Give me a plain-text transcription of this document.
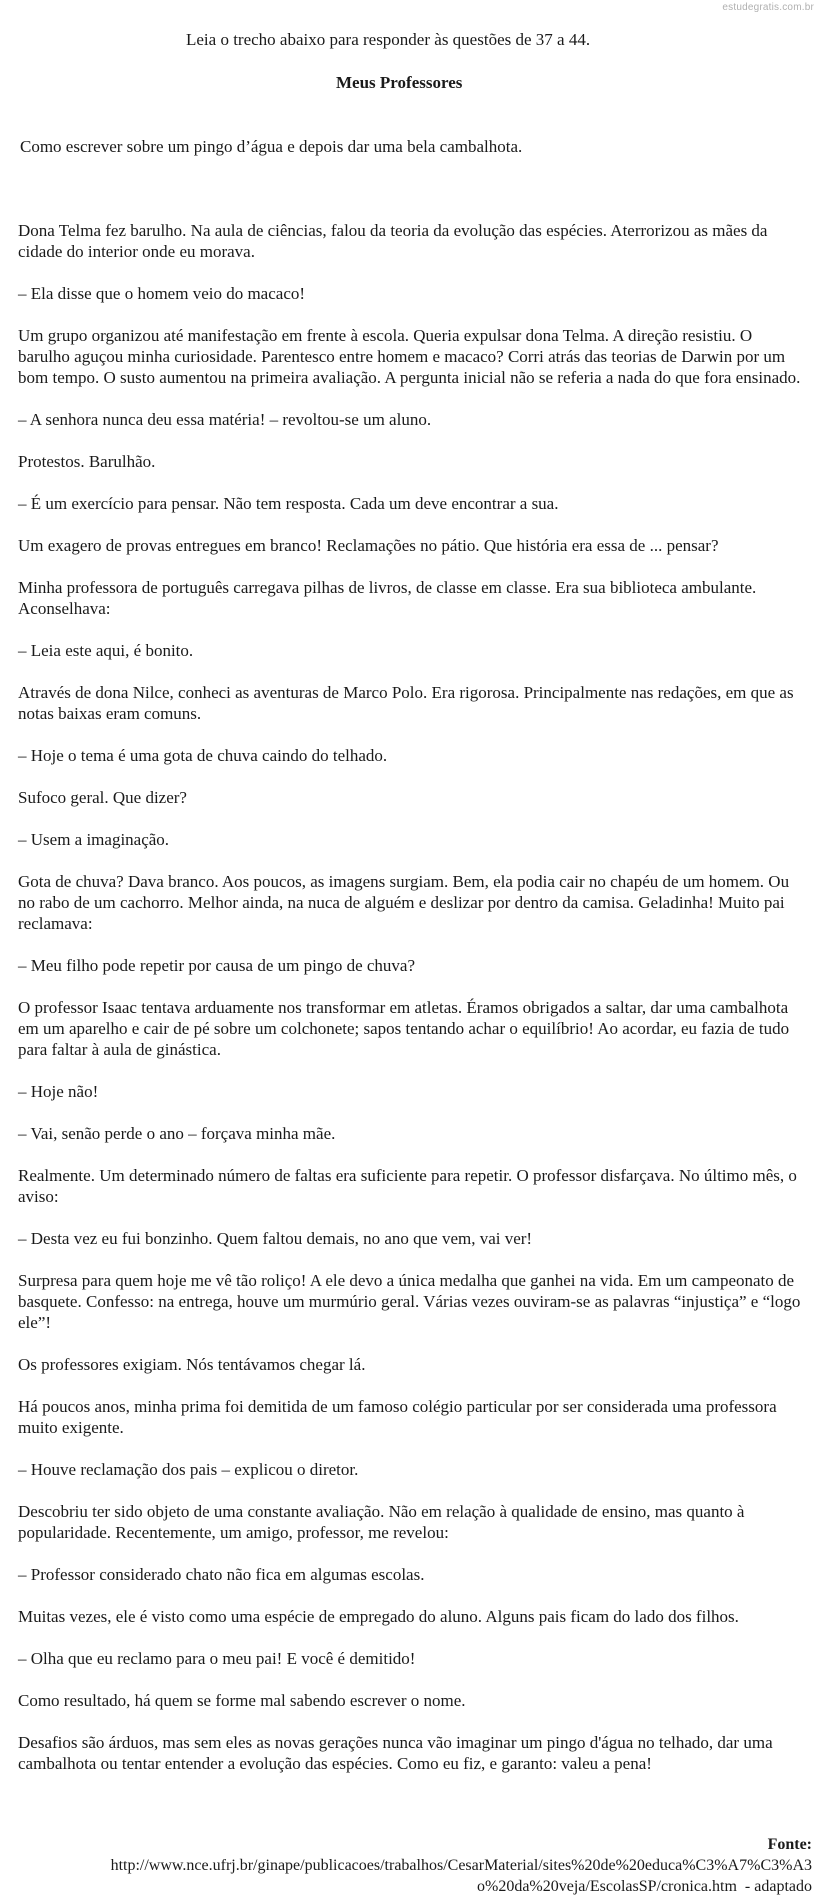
estudegratis.com.br
Leia o trecho abaixo para responder às questões de 37 a 44.
Meus Professores
Como escrever sobre um pingo d’água e depois dar uma bela cambalhota.

Dona Telma fez barulho. Na aula de ciências, falou da teoria da evolução das espécies. Aterrorizou as mães da cidade do interior onde eu morava.

– Ela disse que o homem veio do macaco!

Um grupo organizou até manifestação em frente à escola. Queria expulsar dona Telma. A direção resistiu. O barulho aguçou minha curiosidade. Parentesco entre homem e macaco? Corri atrás das teorias de Darwin por um bom tempo. O susto aumentou na primeira avaliação. A pergunta inicial não se referia a nada do que fora ensinado.

– A senhora nunca deu essa matéria! – revoltou-se um aluno.

Protestos. Barulhão.

– É um exercício para pensar. Não tem resposta. Cada um deve encontrar a sua.

Um exagero de provas entregues em branco! Reclamações no pátio. Que história era essa de ... pensar?

Minha professora de português carregava pilhas de livros, de classe em classe. Era sua biblioteca ambulante. Aconselhava:

– Leia este aqui, é bonito.

Através de dona Nilce, conheci as aventuras de Marco Polo. Era rigorosa. Principalmente nas redações, em que as notas baixas eram comuns.

– Hoje o tema é uma gota de chuva caindo do telhado.

Sufoco geral. Que dizer?

– Usem a imaginação.

Gota de chuva? Dava branco. Aos poucos, as imagens surgiam. Bem, ela podia cair no chapéu de um homem. Ou no rabo de um cachorro. Melhor ainda, na nuca de alguém e deslizar por dentro da camisa. Geladinha! Muito pai reclamava:

– Meu filho pode repetir por causa de um pingo de chuva?

O professor Isaac tentava arduamente nos transformar em atletas. Éramos obrigados a saltar, dar uma cambalhota em um aparelho e cair de pé sobre um colchonete; sapos tentando achar o equilíbrio! Ao acordar, eu fazia de tudo para faltar à aula de ginástica.

– Hoje não!

– Vai, senão perde o ano – forçava minha mãe.

Realmente. Um determinado número de faltas era suficiente para repetir. O professor disfarçava. No último mês, o aviso:

– Desta vez eu fui bonzinho. Quem faltou demais, no ano que vem, vai ver!

Surpresa para quem hoje me vê tão roliço! A ele devo a única medalha que ganhei na vida. Em um campeonato de basquete. Confesso: na entrega, houve um murmúrio geral. Várias vezes ouviram-se as palavras “injustiça” e “logo ele”!

Os professores exigiam. Nós tentávamos chegar lá.

Há poucos anos, minha prima foi demitida de um famoso colégio particular por ser considerada uma professora muito exigente.

– Houve reclamação dos pais – explicou o diretor.

Descobriu ter sido objeto de uma constante avaliação. Não em relação à qualidade de ensino, mas quanto à popularidade. Recentemente, um amigo, professor, me revelou:

– Professor considerado chato não fica em algumas escolas.

Muitas vezes, ele é visto como uma espécie de empregado do aluno. Alguns pais ficam do lado dos filhos.

– Olha que eu reclamo para o meu pai! E você é demitido!

Como resultado, há quem se forme mal sabendo escrever o nome.

Desafios são árduos, mas sem eles as novas gerações nunca vão imaginar um pingo d'água no telhado, dar uma cambalhota ou tentar entender a evolução das espécies. Como eu fiz, e garanto: valeu a pena!

Fonte:
http://www.nce.ufrj.br/ginape/publicacoes/trabalhos/CesarMaterial/sites%20de%20educa%C3%A7%C3%A3
o%20da%20veja/EscolasSP/cronica.htm  - adaptado
